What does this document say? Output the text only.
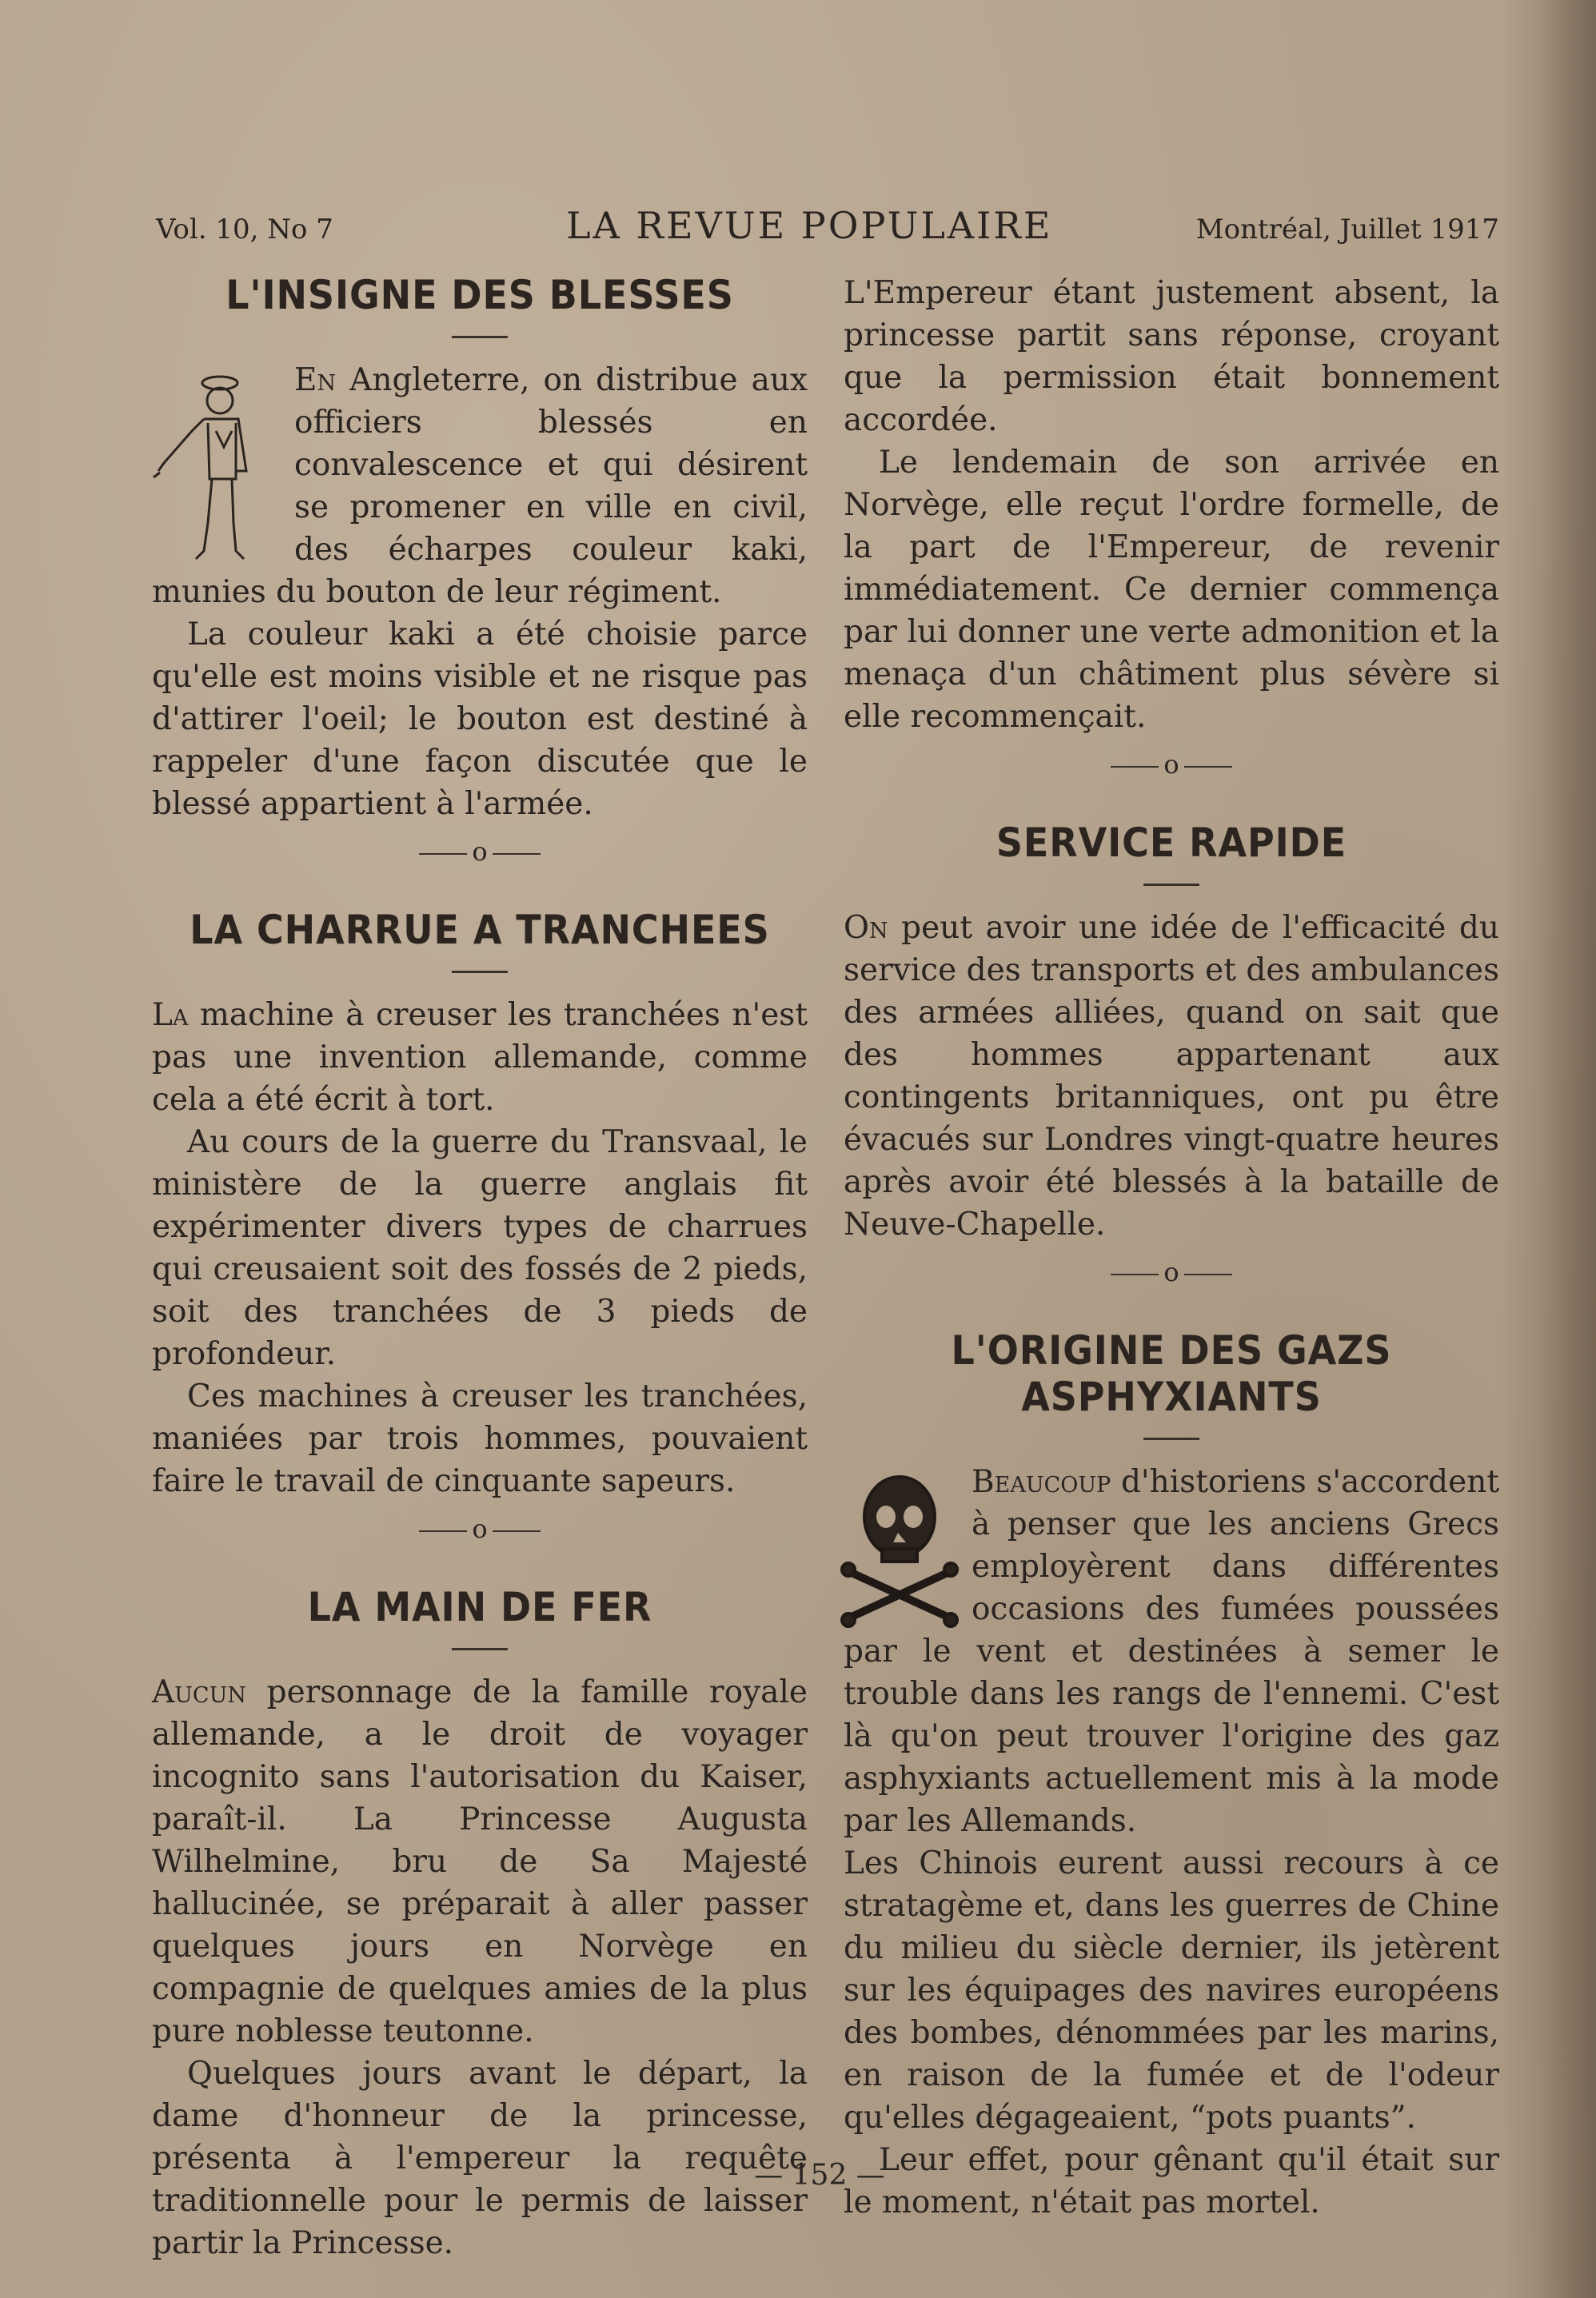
Vol. 10, No 7	LA REVUE POPULAIRE	Montréal, Juillet 1917
L'INSIGNE DES BLESSES

En Angleterre, on distribue aux officiers blessés en convalescence et qui désirent se promener en ville en civil, des écharpes couleur kaki, munies du bouton de leur régiment.

La couleur kaki a été choisie parce qu'elle est moins visible et ne risque pas d'attirer l'oeil; le bouton est destiné à rappeler d'une façon discutée que le blessé appartient à l'armée.

o
LA CHARRUE A TRANCHEES

La machine à creuser les tranchées n'est pas une invention allemande, comme cela a été écrit à tort.

Au cours de la guerre du Transvaal, le ministère de la guerre anglais fit expérimenter divers types de charrues qui creusaient soit des fossés de 2 pieds, soit des tranchées de 3 pieds de profondeur.

Ces machines à creuser les tranchées, maniées par trois hommes, pouvaient faire le travail de cinquante sapeurs.

o
LA MAIN DE FER

Aucun personnage de la famille royale allemande, a le droit de voyager incognito sans l'autorisation du Kaiser, paraît-il. La Princesse Augusta Wilhelmine, bru de Sa Majesté hallucinée, se préparait à aller passer quelques jours en Norvège en compagnie de quelques amies de la plus pure noblesse teutonne.

Quelques jours avant le départ, la dame d'honneur de la princesse, présenta à l'empereur la requête traditionnelle pour le permis de laisser partir la Princesse.

L'Empereur étant justement absent, la princesse partit sans réponse, croyant que la permission était bonnement accordée.

Le lendemain de son arrivée en Norvège, elle reçut l'ordre formelle, de la part de l'Empereur, de revenir immédiatement. Ce dernier commença par lui donner une verte admonition et la menaça d'un châtiment plus sévère si elle recommençait.

o
SERVICE RAPIDE

On peut avoir une idée de l'efficacité du service des transports et des ambulances des armées alliées, quand on sait que des hommes appartenant aux contingents britanniques, ont pu être évacués sur Londres vingt-quatre heures après avoir été blessés à la bataille de Neuve-Chapelle.

o
L'ORIGINE DES GAZS ASPHYXIANTS

Beaucoup d'historiens s'accordent à penser que les anciens Grecs employèrent dans différentes occasions des fumées poussées par le vent et destinées à semer le trouble dans les rangs de l'ennemi. C'est là qu'on peut trouver l'origine des gaz asphyxiants actuellement mis à la mode par les Allemands.

Les Chinois eurent aussi recours à ce stratagème et, dans les guerres de Chine du milieu du siècle dernier, ils jetèrent sur les équipages des navires européens des bombes, dénommées par les marins, en raison de la fumée et de l'odeur qu'elles dégageaient, “pots puants”.

Leur effet, pour gênant qu'il était sur le moment, n'était pas mortel.

— 152 —
